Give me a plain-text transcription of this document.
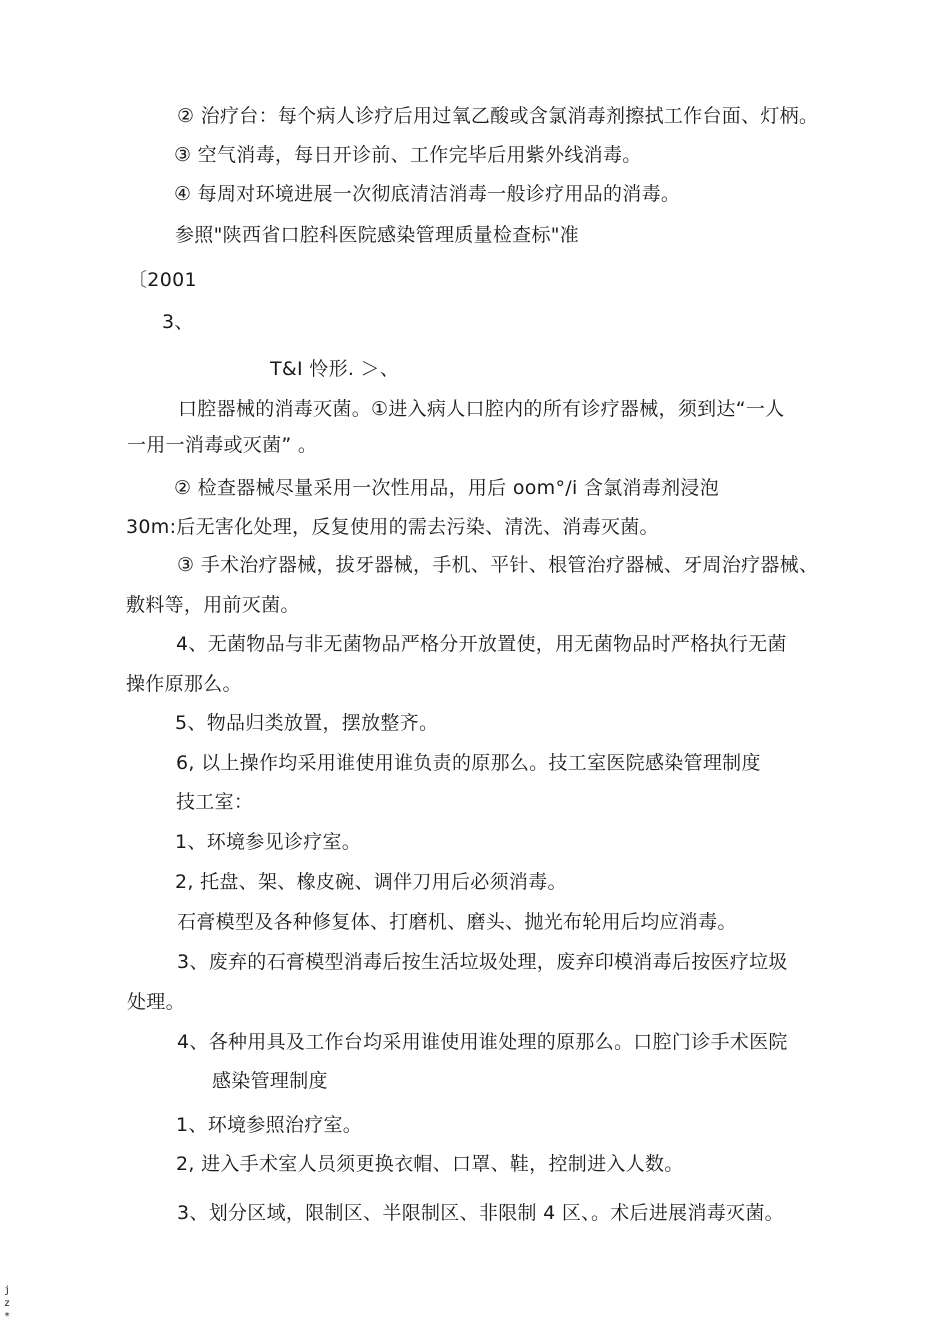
② 治疗台：每个病人诊疗后用过氧乙酸或含氯消毒剂擦拭工作台面、灯柄。
③ 空气消毒，每日开诊前、工作完毕后用紫外线消毒。
④ 每周对环境进展一次彻底清洁消毒一般诊疗用品的消毒。
参照"陕西省口腔科医院感染管理质量检查标"准
〔2001
3、
T&I 怜形. ＞、
口腔器械的消毒灭菌。①进入病人口腔内的所有诊疗器械，须到达“一人
一用一消毒或灭菌” 。
② 检查器械尽量采用一次性用品，用后 oom°/i 含氯消毒剂浸泡
30m:后无害化处理，反复使用的需去污染、清洗、消毒灭菌。
③ 手术治疗器械，拔牙器械，手机、平针、根管治疗器械、牙周治疗器械、
敷料等，用前灭菌。
4、无菌物品与非无菌物品严格分开放置使，用无菌物品时严格执行无菌
操作原那么。
5、物品归类放置，摆放整齐。
6, 以上操作均采用谁使用谁负责的原那么。技工室医院感染管理制度
技工室：
1、环境参见诊疗室。
2, 托盘、架、橡皮碗、调伴刀用后必须消毒。
石膏模型及各种修复体、打磨机、磨头、抛光布轮用后均应消毒。
3、废弃的石膏模型消毒后按生活垃圾处理，废弃印模消毒后按医疗垃圾
处理。
4、各种用具及工作台均采用谁使用谁处理的原那么。口腔门诊手术医院
感染管理制度
1、环境参照治疗室。
2, 进入手术室人员须更换衣帽、口罩、鞋，控制进入人数。
3、划分区域，限制区、半限制区、非限制 4 区、。术后进展消毒灭菌。
j
z
*
